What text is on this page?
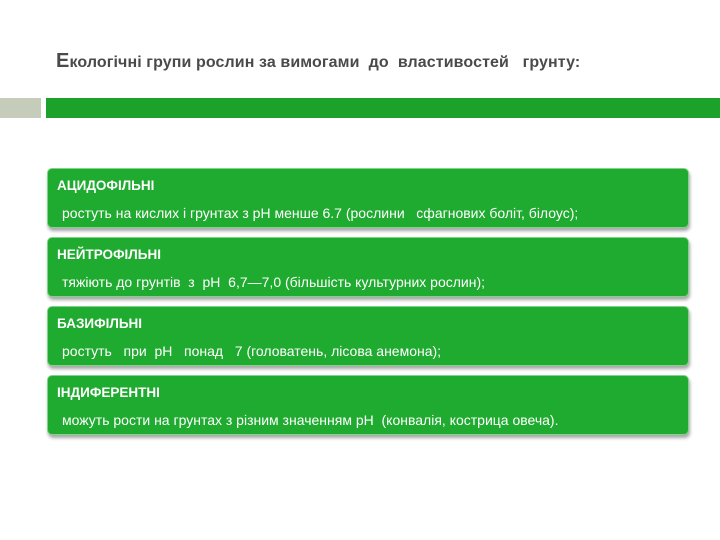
Екологічні групи рослин за вимогами  до  властивостей   грунту:
АЦИДОФІЛЬНІ
ростуть на кислих і грунтах з рН менше 6.7 (рослини   сфагнових боліт, білоус);
НЕЙТРОФІЛЬНІ
тяжіють до грунтів  з  рН  6,7—7,0 (більшість культурних рослин);
БАЗИФІЛЬНІ
ростуть   при  рН   понад   7 (головатень, лісова анемона);
ІНДИФЕРЕНТНІ
можуть рости на грунтах з різним значенням рН  (конвалія, кострица овеча).
